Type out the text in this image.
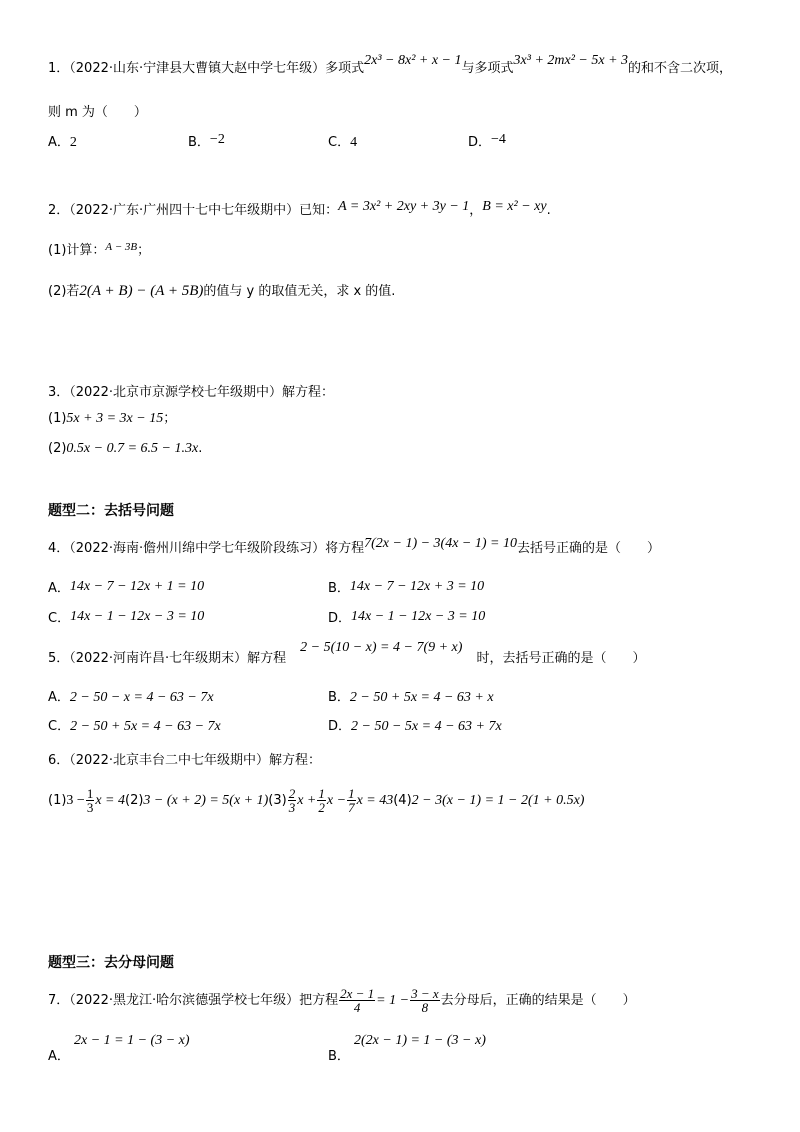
1．（2022·山东·宁津县大曹镇大赵中学七年级）多项式2x³ − 8x² + x − 1与多项式3x³ + 2mx² − 5x + 3的和不含二次项，
则 m 为（　　）
A．2	B．−2	C．4	D．−4
2．（2022·广东·广州四十七中七年级期中）已知：A = 3x² + 2xy + 3y − 1，B = x² − xy.
(1)计算：$^{A - 3B}$；
(2)若2(A + B) − (A + 5B)的值与 y 的取值无关，求 x 的值.
3．（2022·北京市京源学校七年级期中）解方程：
(1)5x + 3 = 3x − 15；
(2)0.5x − 0.7 = 6.5 − 1.3x.
题型二：去括号问题
4．（2022·海南·儋州川绵中学七年级阶段练习）将方程7(2x − 1) − 3(4x − 1) = 10去括号正确的是（　　）
A．14x − 7 − 12x + 1 = 10	B．14x − 7 − 12x + 3 = 10
C．14x − 1 − 12x − 3 = 10	D．14x − 1 − 12x − 3 = 10
5．（2022·河南许昌·七年级期末）解方程2 − 5(10 − x) = 4 − 7(9 + x)时，去括号正确的是（　　）
A．2 − 50 − x = 4 − 63 − 7x	B．2 − 50 + 5x = 4 − 63 + x
C．2 − 50 + 5x = 4 − 63 − 7x	D．2 − 50 − 5x = 4 − 63 + 7x
6．（2022·北京丰台二中七年级期中）解方程：
$(1)3 - \frac{1}{3}$ $x = 4(2)3 - (x + 2) = 5(x + 1)(3) \frac{2}{3}$ $x + \frac{1}{2}$ $x - \frac{1}{7}$ x = 43(4)2 − 3(x − 1) = 1 − 2(1 + 0.5x)
题型三：去分母问题
7．（2022·黑龙江·哈尔滨德强学校七年级）把方程 $\frac{2x - 1}{4} = 1 - \frac{3 - x}{8}$ 去分母后，正确的结果是（　　）
2x − 1 = 1 − (3 − x)
A．
2(2x − 1) = 1 − (3 − x)
B．
